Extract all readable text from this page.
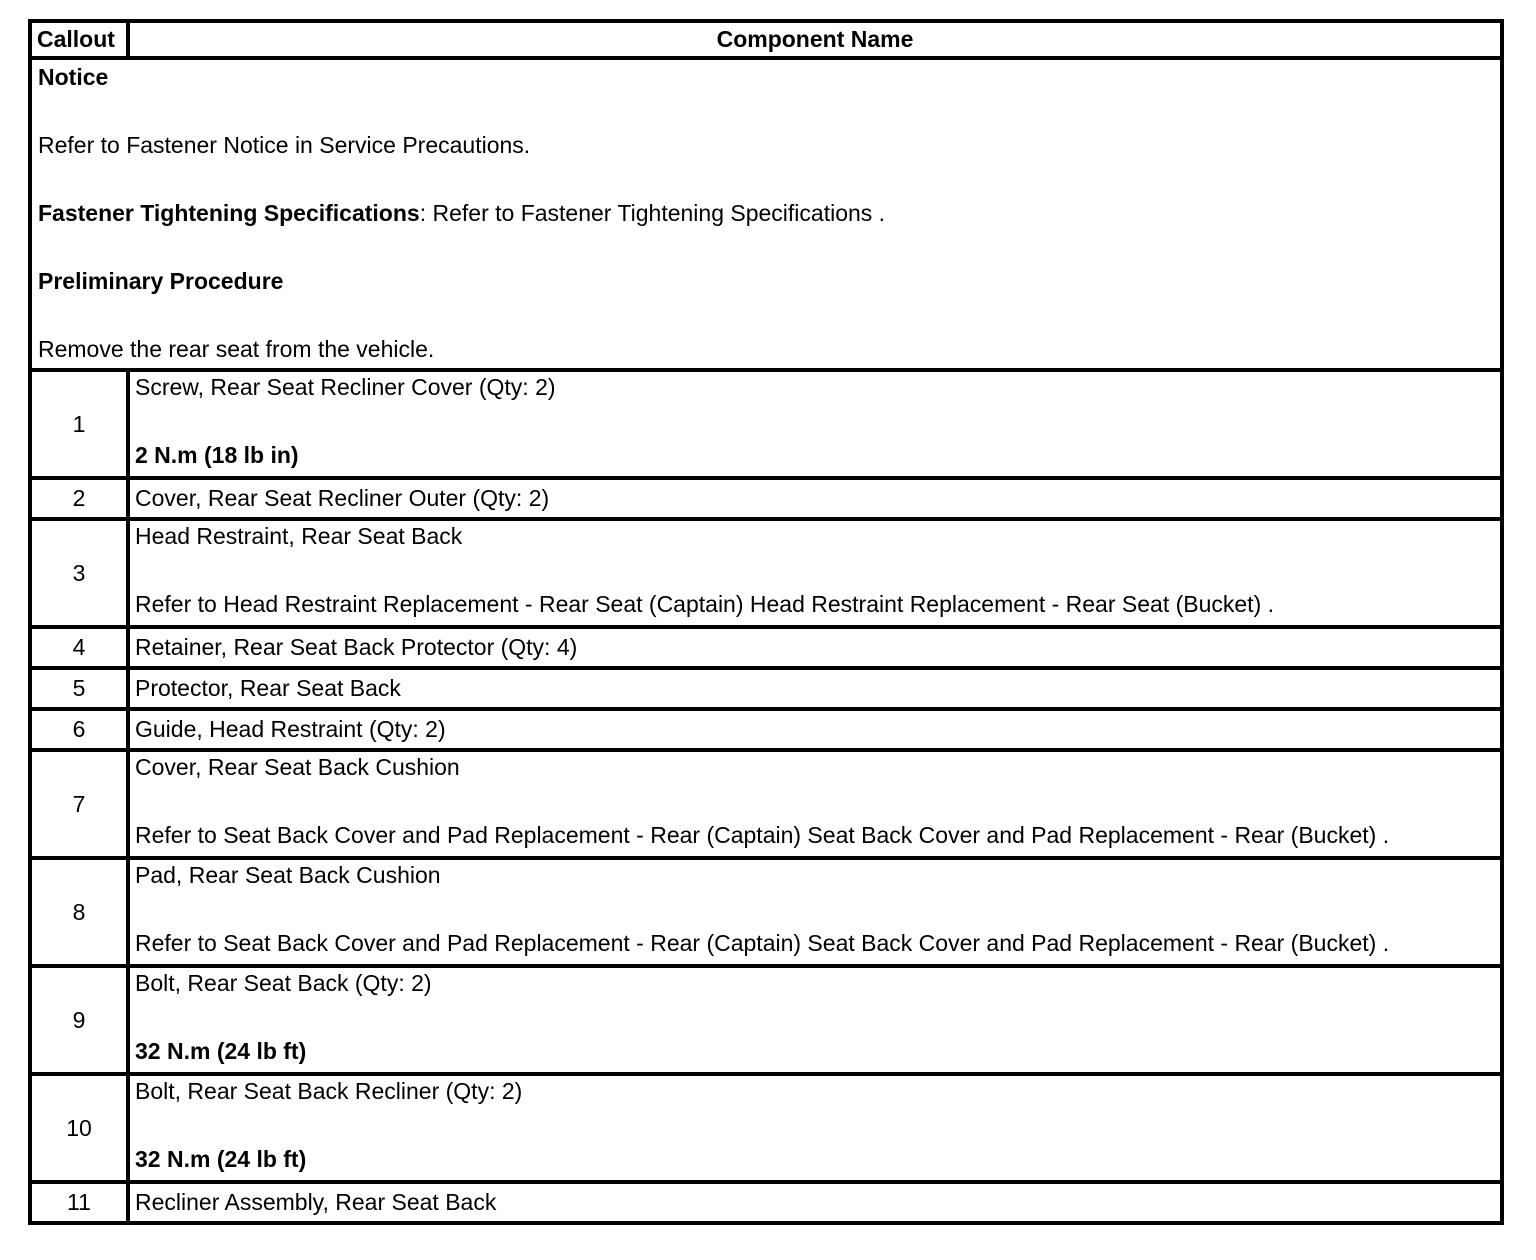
Callout	Component Name

Notice

Refer to Fastener Notice in Service Precautions.

Fastener Tightening Specifications: Refer to Fastener Tightening Specifications .

Preliminary Procedure

Remove the rear seat from the vehicle.	

1	Screw, Rear Seat Recliner Cover (Qty: 2)
2 N.m (18 lb in)

2	Cover, Rear Seat Recliner Outer (Qty: 2)

3	Head Restraint, Rear Seat Back
Refer to Head Restraint Replacement - Rear Seat (Captain) Head Restraint Replacement - Rear Seat (Bucket) .

4	Retainer, Rear Seat Back Protector (Qty: 4)

5	Protector, Rear Seat Back

6	Guide, Head Restraint (Qty: 2)

7	Cover, Rear Seat Back Cushion
Refer to Seat Back Cover and Pad Replacement - Rear (Captain) Seat Back Cover and Pad Replacement - Rear (Bucket) .

8	Pad, Rear Seat Back Cushion
Refer to Seat Back Cover and Pad Replacement - Rear (Captain) Seat Back Cover and Pad Replacement - Rear (Bucket) .

9	Bolt, Rear Seat Back (Qty: 2)
32 N.m (24 lb ft)

10	Bolt, Rear Seat Back Recliner (Qty: 2)
32 N.m (24 lb ft)

11	Recliner Assembly, Rear Seat Back
